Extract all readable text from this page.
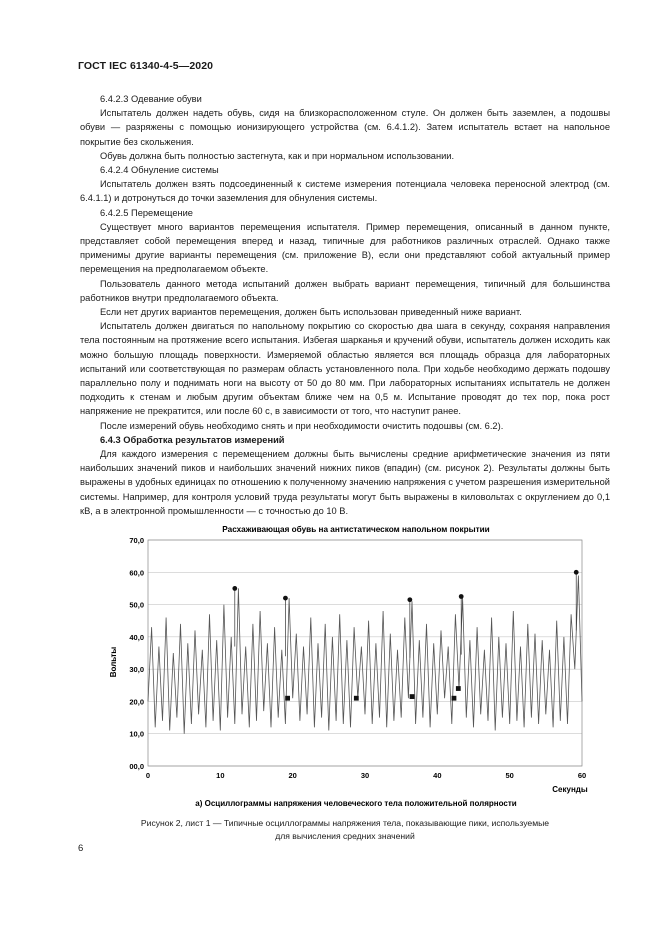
ГОСТ IEC 61340-4-5—2020

6.4.2.3 Одевание обуви

Испытатель должен надеть обувь, сидя на близкорасположенном стуле. Он должен быть заземлен, а подошвы обуви — разряжены с помощью ионизирующего устройства (см. 6.4.1.2). Затем испытатель встает на напольное покрытие без скольжения.

Обувь должна быть полностью застегнута, как и при нормальном использовании.

6.4.2.4 Обнуление системы

Испытатель должен взять подсоединенный к системе измерения потенциала человека переносной электрод (см. 6.4.1.1) и дотронуться до точки заземления для обнуления системы.

6.4.2.5 Перемещение

Существует много вариантов перемещения испытателя. Пример перемещения, описанный в данном пункте, представляет собой перемещения вперед и назад, типичные для работников различных отраслей. Однако также применимы другие варианты перемещения (см. приложение В), если они представляют собой актуальный пример перемещения на предполагаемом объекте.

Пользователь данного метода испытаний должен выбрать вариант перемещения, типичный для большинства работников внутри предполагаемого объекта.

Если нет других вариантов перемещения, должен быть использован приведенный ниже вариант.

Испытатель должен двигаться по напольному покрытию со скоростью два шага в секунду, сохраняя направления тела постоянным на протяжение всего испытания. Избегая шарканья и кручений обуви, испытатель должен исходить как можно большую площадь поверхности. Измеряемой областью является вся площадь образца для лабораторных испытаний или соответствующая по размерам область установленного пола. При ходьбе необходимо держать подошву параллельно полу и поднимать ноги на высоту от 50 до 80 мм. При лабораторных испытаниях испытатель не должен подходить к стенам и любым другим объектам ближе чем на 0,5 м. Испытание проводят до тех пор, пока рост напряжение не прекратится, или после 60 с, в зависимости от того, что наступит ранее.

После измерений обувь необходимо снять и при необходимости очистить подошвы (см. 6.2).

6.4.3 Обработка результатов измерений

Для каждого измерения с перемещением должны быть вычислены средние арифметические значения из пяти наибольших значений пиков и наибольших значений нижних пиков (впадин) (см. рисунок 2). Результаты должны быть выражены в удобных единицах по отношению к полученному значению напряжения с учетом разрешения измерительной системы. Например, для контроля условий труда результаты могут быть выражены в киловольтах с округлением до 0,1 кВ, а в электронной промышленности — с точностью до 10 В.

Расхаживающая обувь на антистатическом напольном покрытии
00,0
10,0
20,0
30,0
40,0
50,0
60,0
70,0
0	10	20	30	40	50	60
Вольты
Секунды
a) Осциллограммы напряжения человеческого тела положительной полярности
Рисунок 2, лист 1 — Типичные осциллограммы напряжения тела, показывающие пики, используемые
для вычисления средних значений
6
